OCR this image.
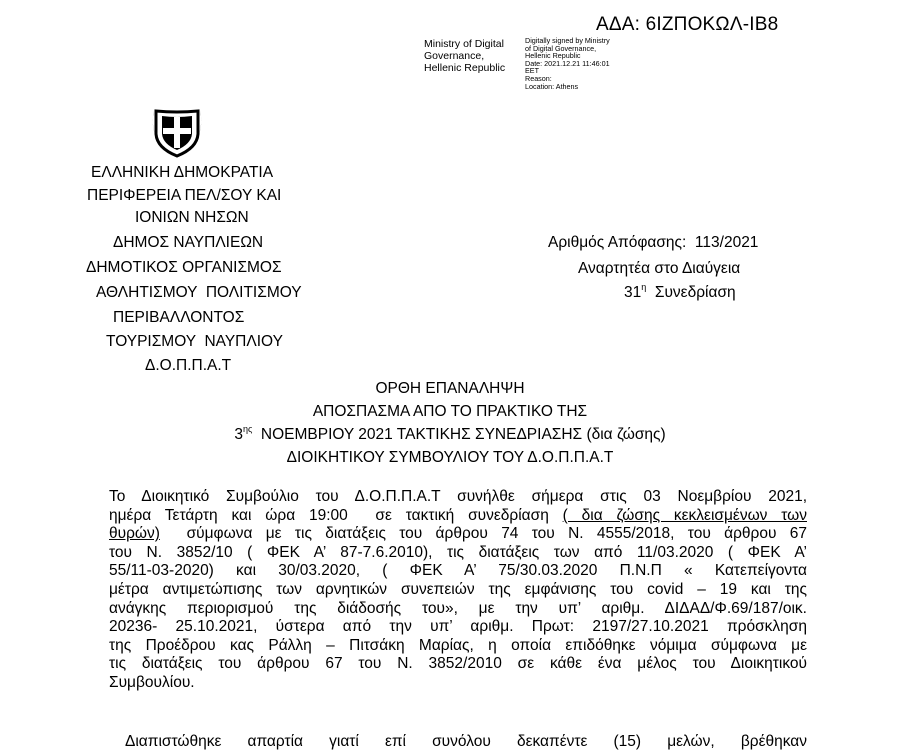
ΑΔΑ: 6ΙΖΠΟΚΩΛ-ΙΒ8
Ministry of Digital
Governance,
Hellenic Republic
Digitally signed by Ministry
of Digital Governance,
Hellenic Republic
Date: 2021.12.21 11:46:01
EET
Reason:
Location: Athens
ΕΛΛΗΝΙΚΗ ΔΗΜΟΚΡΑΤΙΑ
ΠΕΡΙΦΕΡΕΙΑ ΠΕΛ/ΣΟΥ ΚΑΙ
ΙΟΝΙΩΝ ΝΗΣΩΝ
ΔΗΜΟΣ ΝΑΥΠΛΙΕΩΝ
ΔΗΜΟΤΙΚΟΣ ΟΡΓΑΝΙΣΜΟΣ
ΑΘΛΗΤΙΣΜΟΥ  ΠΟΛΙΤΙΣΜΟΥ
ΠΕΡΙΒΑΛΛΟΝΤΟΣ
ΤΟΥΡΙΣΜΟΥ  ΝΑΥΠΛΙΟΥ
Δ.Ο.Π.Π.Α.Τ
Αριθμός Απόφασης:  113/2021
Αναρτητέα στο Διαύγεια
$31^\eta$  Συνεδρίαση
ΟΡΘΗ ΕΠΑΝΑΛΗΨΗ
ΑΠΟΣΠΑΣΜΑ ΑΠΟ ΤΟ ΠΡΑΚΤΙΚΟ ΤΗΣ
$3^{\eta\varsigma}$  ΝΟΕΜΒΡΙΟΥ 2021 ΤΑΚΤΙΚΗΣ ΣΥΝΕΔΡΙΑΣΗΣ (δια ζώσης)
ΔΙΟΙΚΗΤΙΚΟΥ ΣΥΜΒΟΥΛΙΟΥ ΤΟΥ Δ.Ο.Π.Π.Α.Τ
Το Διοικητικό Συμβούλιο του Δ.Ο.Π.Π.Α.Τ συνήλθε σήμερα στις 03 Νοεμβρίου 2021,
ημέρα Τετάρτη και ώρα 19:00  σε τακτική συνεδρίαση ( δια ζώσης κεκλεισμένων των
θυρών)  σύμφωνα με τις διατάξεις του άρθρου 74 του Ν. 4555/2018, του άρθρου 67
του Ν. 3852/10 ( ΦΕΚ Α’ 87-7.6.2010), τις διατάξεις των από 11/03.2020 ( ΦΕΚ Α’
55/11-03-2020) και 30/03.2020, ( ΦΕΚ Α’ 75/30.03.2020 Π.Ν.Π « Κατεπείγοντα
μέτρα αντιμετώπισης των αρνητικών συνεπειών της εμφάνισης του covid – 19 και της
ανάγκης περιορισμού της διάδοσής του», με την υπ’ αριθμ. ΔΙΔΑΔ/Φ.69/187/οικ.
20236- 25.10.2021, ύστερα από την υπ’ αριθμ. Πρωτ: 2197/27.10.2021 πρόσκληση
της Προέδρου κας Ράλλη – Πιτσάκη Μαρίας, η οποία επιδόθηκε νόμιμα σύμφωνα με
τις διατάξεις του άρθρου 67 του Ν. 3852/2010 σε κάθε ένα μέλος του Διοικητικού
Συμβουλίου.
Διαπιστώθηκε απαρτία γιατί επί συνόλου δεκαπέντε (15) μελών, βρέθηκαν
